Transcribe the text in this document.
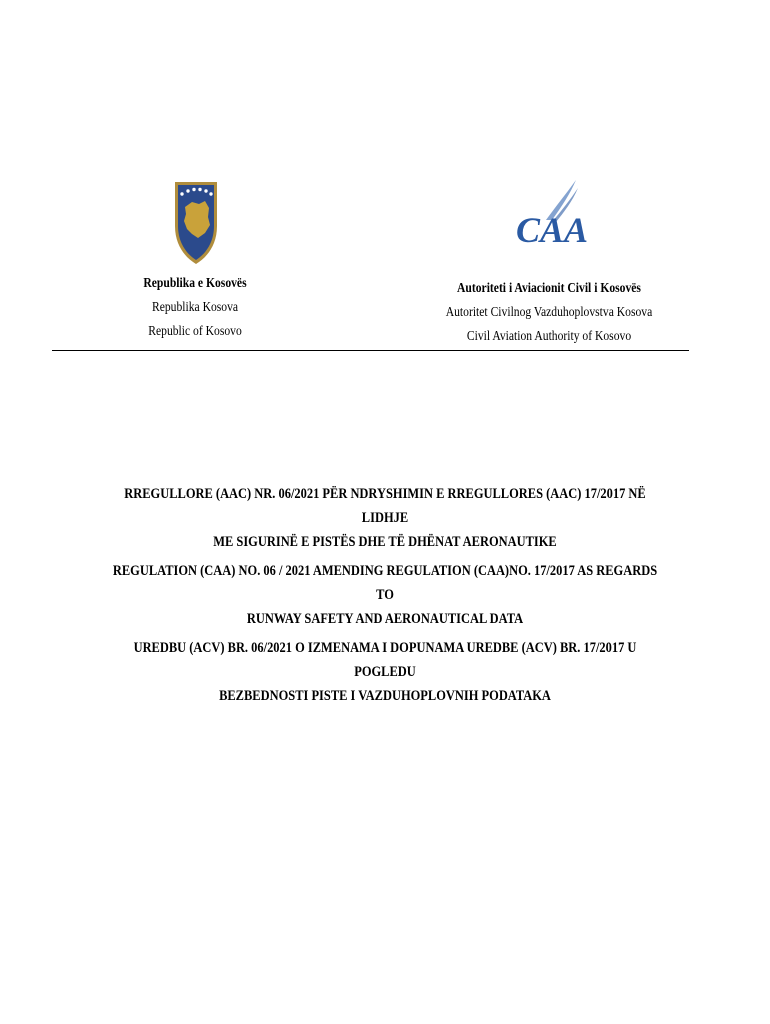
CAA
Republika e Kosovës
Republika Kosova
Republic of Kosovo
Autoriteti i Aviacionit Civil i Kosovës
Autoritet Civilnog Vazduhoplovstva Kosova
Civil Aviation Authority of Kosovo
RREGULLORE (AAC) NR. 06/2021 PËR NDRYSHIMIN E RREGULLORES (AAC) 17/2017 NË LIDHJE
ME SIGURINË E PISTËS DHE TË DHËNAT AERONAUTIKE
REGULATION (CAA) NO. 06 / 2021 AMENDING REGULATION (CAA)NO. 17/2017 AS REGARDS TO
RUNWAY SAFETY AND AERONAUTICAL DATA
UREDBU (ACV) BR. 06/2021 O IZMENAMA I DOPUNAMA UREDBE (ACV) BR. 17/2017 U POGLEDU
BEZBEDNOSTI PISTE I VAZDUHOPLOVNIH PODATAKA
